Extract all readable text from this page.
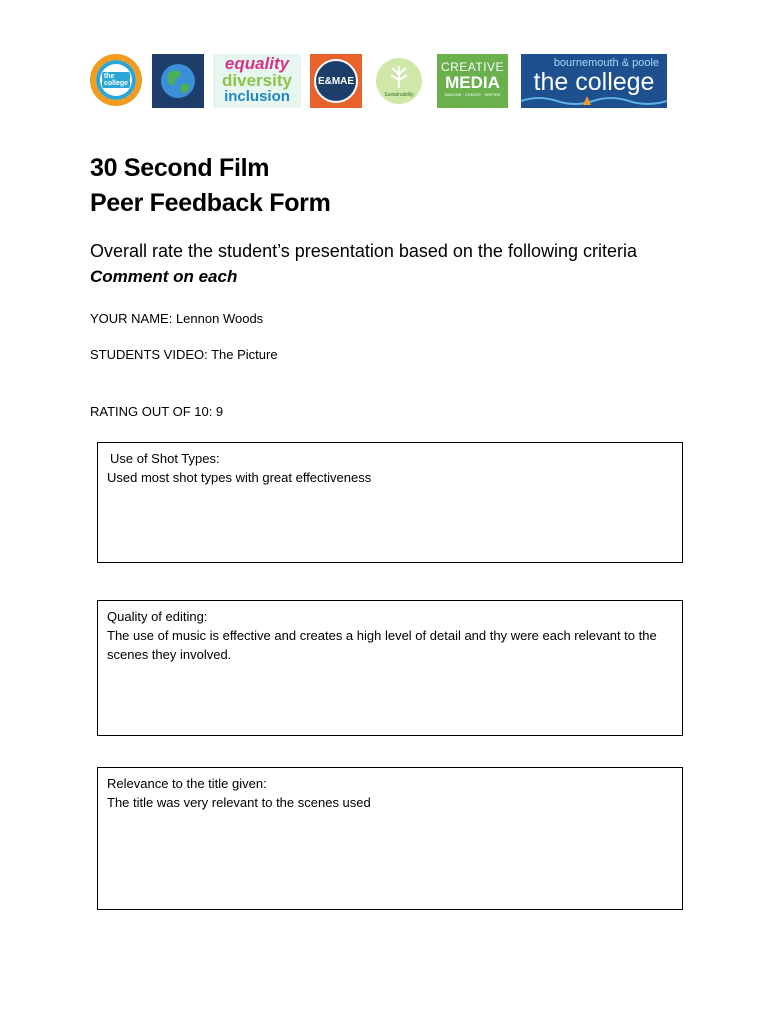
the college
equality
diversity
inclusion
E&MAE
Sustainability
CREATIVE
MEDIA
IMAGINE · CREATE · INSPIRE
bournemouth & poole
the college
30 Second Film
Peer Feedback Form

Overall rate the student’s presentation based on the following criteria

Comment on each

YOUR NAME: Lennon Woods

STUDENTS VIDEO: The Picture

RATING OUT OF 10: 9

Use of Shot Types:

Used most shot types with great effectiveness

Quality of editing:

The use of music is effective and creates a high level of detail and thy were each relevant to the scenes they involved.

Relevance to the title given:

The title was very relevant to the scenes used
